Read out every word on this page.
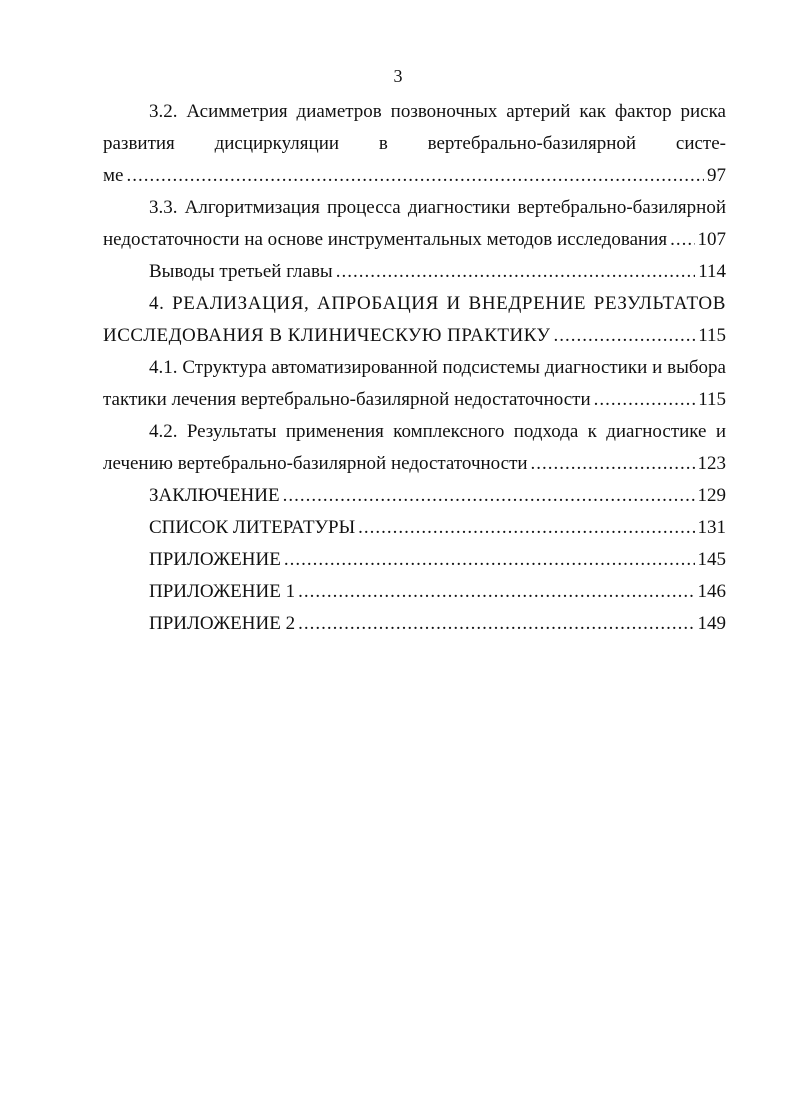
3
3.2. Асимметрия диаметров позвоночных артерий как фактор риска
развития дисциркуляции в вертебрально-базилярной систе-
ме .....	97
3.3. Алгоритмизация процесса диагностики вертебрально-базилярной
недостаточности на основе инструментальных методов исследования ..... 107
Выводы третьей главы .....	114
4. РЕАЛИЗАЦИЯ, АПРОБАЦИЯ И ВНЕДРЕНИЕ РЕЗУЛЬТАТОВ
ИССЛЕДОВАНИЯ В КЛИНИЧЕСКУЮ ПРАКТИКУ .....	115
4.1. Структура автоматизированной подсистемы диагностики и выбора
тактики лечения вертебрально-базилярной недостаточности .....	115
4.2. Результаты применения комплексного подхода к диагностике и
лечению вертебрально-базилярной недостаточности .....	123
ЗАКЛЮЧЕНИЕ .....	129
СПИСОК ЛИТЕРАТУРЫ .....	131
ПРИЛОЖЕНИЕ .....	145
ПРИЛОЖЕНИЕ 1 .....	146
ПРИЛОЖЕНИЕ 2 .....	149
